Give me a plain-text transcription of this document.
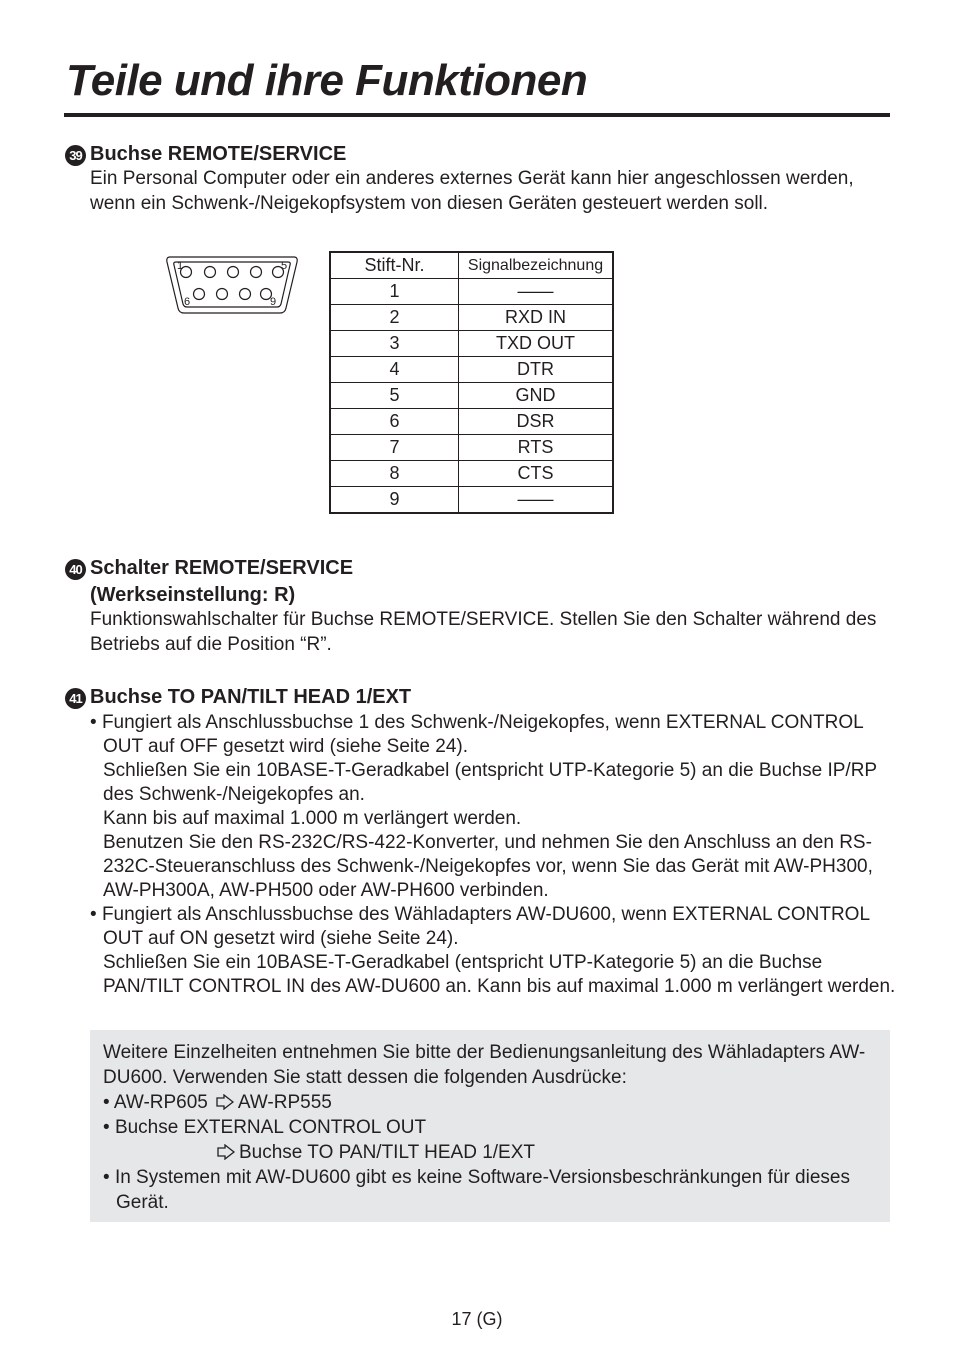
Teile und ihre Funktionen
39 Buchse REMOTE/SERVICE

Ein Personal Computer oder ein anderes externes Gerät kann hier angeschlossen werden, wenn ein Schwenk-/Neigekopfsystem von diesen Geräten gesteuert werden soll.

1	5
6	9
Stift-Nr.	Signalbezeichnung
1	——
2	RXD IN
3	TXD OUT
4	DTR
5	GND
6	DSR
7	RTS
8	CTS
9	——
40 Schalter REMOTE/SERVICE
(Werkseinstellung: R)

Funktionswahlschalter für Buchse REMOTE/SERVICE. Stellen Sie den Schalter während des Betriebs auf die Position “R”.

41 Buchse TO PAN/TILT HEAD 1/EXT
• Fungiert als Anschlussbuchse 1 des Schwenk-/Neigekopfes, wenn EXTERNAL CONTROL OUT auf OFF gesetzt wird (siehe Seite 24).
Schließen Sie ein 10BASE-T-Geradkabel (entspricht UTP-Kategorie 5) an die Buchse IP/RP des Schwenk-/Neigekopfes an.
Kann bis auf maximal 1.000 m verlängert werden.
Benutzen Sie den RS-232C/RS-422-Konverter, und nehmen Sie den Anschluss an den RS-232C-Steueranschluss des Schwenk-/Neigekopfes vor, wenn Sie das Gerät mit AW-PH300, AW-PH300A, AW-PH500 oder AW-PH600 verbinden.
• Fungiert als Anschlussbuchse des Wähladapters AW-DU600, wenn EXTERNAL CONTROL OUT auf ON gesetzt wird (siehe Seite 24).
Schließen Sie ein 10BASE-T-Geradkabel (entspricht UTP-Kategorie 5) an die Buchse PAN/TILT CONTROL IN des AW-DU600 an. Kann bis auf maximal 1.000 m verlängert werden.

Weitere Einzelheiten entnehmen Sie bitte der Bedienungsanleitung des Wähladapters AW-DU600. Verwenden Sie statt dessen die folgenden Ausdrücke:

• AW-RP605 AW-RP555

• Buchse EXTERNAL CONTROL OUT

Buchse TO PAN/TILT HEAD 1/EXT

• In Systemen mit AW-DU600 gibt es keine Software-Versionsbeschränkungen für dieses Gerät.

17 (G)
